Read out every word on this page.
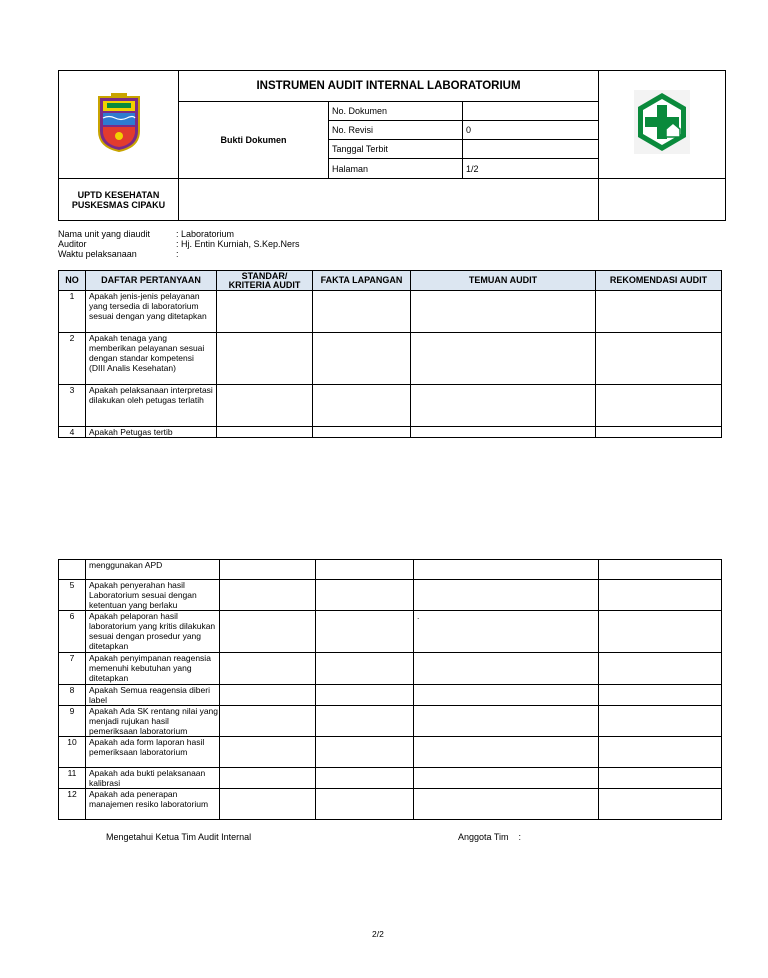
	INSTRUMEN AUDIT INTERNAL LABORATORIUM	
Bukti Dokumen	
No. Dokumen	

No. Revisi	0

Tanggal Terbit	

Halaman	1/2

UPTD KESEHATAN
PUSKESMAS CIPAKU		
Nama unit yang diaudit	: Laboratorium
Auditor	: Hj. Entin Kurniah, S.Kep.Ners
Waktu pelaksanaan	:
NO	DAFTAR PERTANYAAN	STANDAR/
KRITERIA AUDIT	FAKTA LAPANGAN	TEMUAN AUDIT	REKOMENDASI AUDIT
1	Apakah jenis-jenis pelayanan yang tersedia di laboratorium sesuai dengan yang ditetapkan				
2	Apakah tenaga yang memberikan pelayanan sesuai dengan standar kompetensi
(DIII Analis Kesehatan)				
3	Apakah pelaksanaan interpretasi dilakukan oleh petugas terlatih				
4	Apakah Petugas tertib				
	menggunakan APD				
5	Apakah penyerahan hasil Laboratorium sesuai dengan ketentuan yang berlaku				
6	Apakah pelaporan hasil laboratorium yang kritis dilakukan sesuai dengan prosedur yang ditetapkan			.	
7	Apakah penyimpanan reagensia memenuhi kebutuhan yang ditetapkan				
8	Apakah Semua reagensia diberi label				
9	Apakah Ada SK rentang nilai yang menjadi rujukan hasil pemeriksaan laboratorium				
10	Apakah ada form laporan hasil pemeriksaan laboratorium				
11	Apakah ada bukti pelaksanaan kalibrasi				
12	Apakah ada penerapan manajemen resiko laboratorium				
Mengetahui Ketua Tim Audit Internal	Anggota Tim    :
2/2
